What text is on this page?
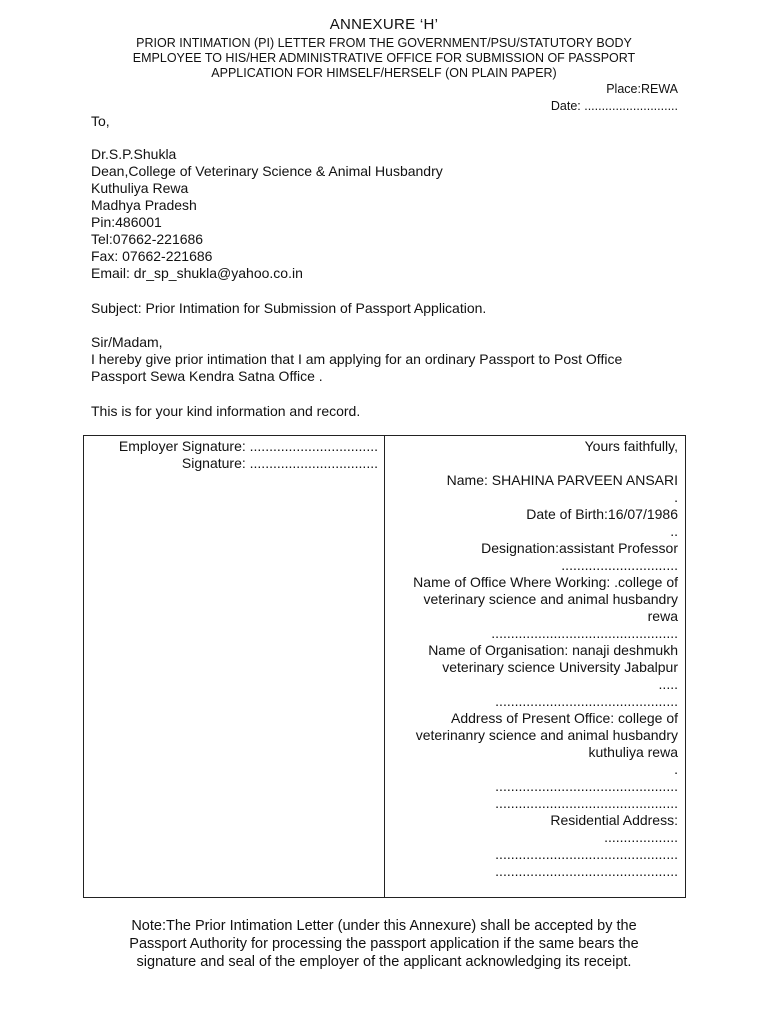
ANNEXURE ‘H’
PRIOR INTIMATION (PI) LETTER FROM THE GOVERNMENT/PSU/STATUTORY BODY
EMPLOYEE TO HIS/HER ADMINISTRATIVE OFFICE FOR SUBMISSION OF PASSPORT
APPLICATION FOR HIMSELF/HERSELF (ON PLAIN PAPER)
Place:REWA
Date: ...........................
To,
Dr.S.P.Shukla
Dean,College of Veterinary Science & Animal Husbandry
Kuthuliya Rewa
Madhya Pradesh
Pin:486001
Tel:07662-221686
Fax: 07662-221686
Email: dr_sp_shukla@yahoo.co.in
Subject: Prior Intimation for Submission of Passport Application.
Sir/Madam,
I hereby give prior intimation that I am applying for an ordinary Passport to Post Office
Passport Sewa Kendra Satna Office .
This is for your kind information and record.
Employer Signature: .................................
Signature: .................................
Yours faithfully,
Name: SHAHINA PARVEEN ANSARI
.
Date of Birth:16/07/1986
..
Designation:assistant Professor
..............................
Name of Office Where Working: .college of
veterinary science and animal husbandry
rewa
................................................
Name of Organisation: nanaji deshmukh
veterinary science University Jabalpur
.....
...............................................
Address of Present Office: college of
veterinanry science and animal husbandry
kuthuliya rewa
.
...............................................
...............................................
Residential Address:
...................
...............................................
...............................................
Note:The Prior Intimation Letter (under this Annexure) shall be accepted by the
Passport Authority for processing the passport application if the same bears the
signature and seal of the employer of the applicant acknowledging its receipt.
